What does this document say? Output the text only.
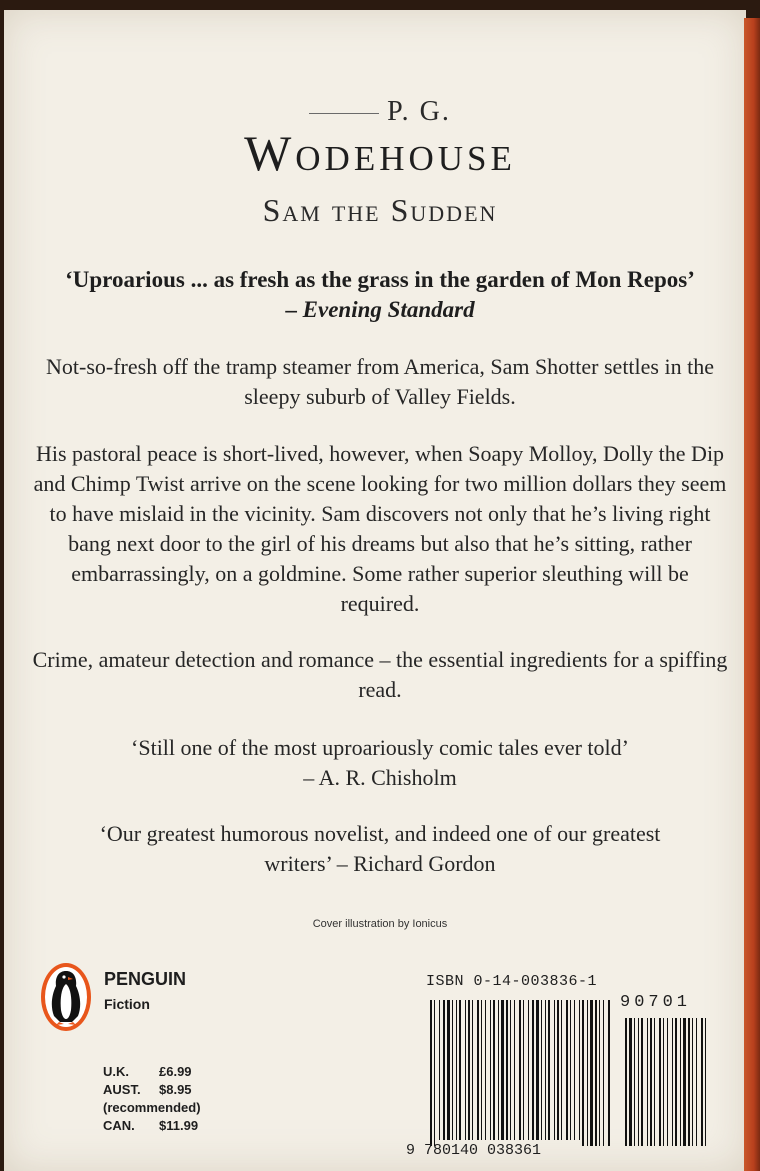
P. G.
Wodehouse
Sam the Sudden
‘Uproarious ... as fresh as the grass in the garden of Mon Repos’ – Evening Standard
Not-so-fresh off the tramp steamer from America, Sam Shotter settles in the sleepy suburb of Valley Fields.
His pastoral peace is short-lived, however, when Soapy Molloy, Dolly the Dip and Chimp Twist arrive on the scene looking for two million dollars they seem to have mislaid in the vicinity. Sam discovers not only that he’s living right bang next door to the girl of his dreams but also that he’s sitting, rather embarrassingly, on a goldmine. Some rather superior sleuthing will be required.
Crime, amateur detection and romance – the essential ingredients for a spiffing read.
‘Still one of the most uproariously comic tales ever told’
– A. R. Chisholm
‘Our greatest humorous novelist, and indeed one of our greatest
writers’ – Richard Gordon
Cover illustration by Ionicus
PENGUIN
Fiction
U.K. £6.99
AUST. $8.95
(recommended)
CAN. $11.99
ISBN 0-14-003836-1
90701
9 780140 038361
